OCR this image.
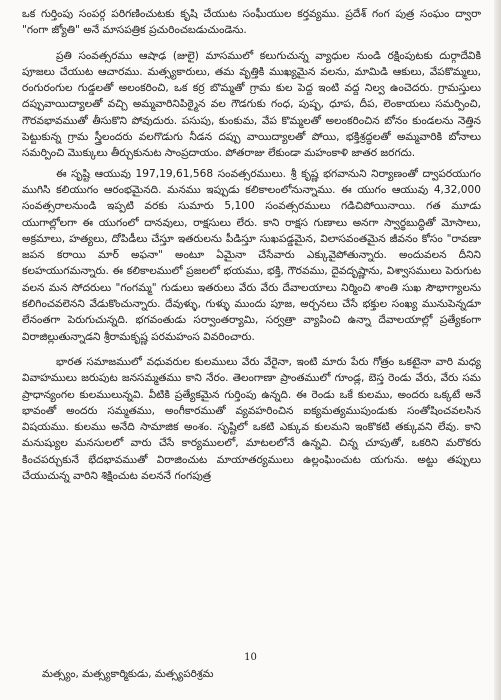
ఒక గుర్తింపు సంపర్గ పరిగణించుటకు కృషి చేయుట సంఘీయుల కర్తవ్యము. ప్రదేశ్ గంగ పుత్ర సంఘం ద్వారా "గంగా జ్యోతి" అనే మాసపత్రిక ప్రచురించబడుచుండెను.

ప్రతి సంవత్సరము ఆషాఢ (జులై) మాసములో కలుగుచున్న వ్యాధుల నుండి రక్షింపుటకు దుర్గాదేవికి పూజలు చేయుట ఆచారము. మత్స్యకారులు, తమ వృత్తికి ముఖ్యమైన వలను, మామిడి ఆకులు, వేపకొమ్మలు, రంగురంగుల గుడ్డలతో అలంకరించి, ఒక కర్ర బొమ్మతో గ్రామ కుల పెద్ద ఇంటి వద్ద నిల్వ ఉంచెదరు. గ్రామస్తులు దప్పువాయిద్యాలతో వచ్చి అమ్మవారినిపిఠ్మైన వల గౌడగుకు గంధ, పుష్ప, ధూప, దీప, లెంకాయలు సమర్పించి, గౌరవభావముతో తీసుకొని పోవుదురు. పసుపు, కుంకుమ, వేప కొమ్మలతో అలంకరించిన బోనం కుండలను నెత్తిన పెట్టుకున్న గ్రామ స్త్రీలందరు వలగొడుగు నీడన దప్పు వాయిద్యాలతో పోయి, భక్తిశ్రద్ధలతో అమ్మవారికి బోనాలు సమర్పించి మొక్కులు తీర్చుకునుట సాంప్రదాయం. పోతరాజు లేకుండా మహంకాళి జాతర జరగదు.

ఈ సృష్టి ఆయువు 197,19,61,568 సంవత్సరములు. శ్రీ కృష్ణ భగవానుని నిర్యాణంతో ద్వాపరయుగం ముగిసి కలియుగం ఆరంభమైనది. మనము ఇప్పుడు కలికాలంలోనున్నాము. ఈ యుగం ఆయువు 4,32,000 సంవత్సరాలనుండి ఇప్పటి వరకు సుమారు 5,100 సంవత్సరములు గడిచిపోయినాయి. గత మూడు యుగాల్లోలగా ఈ యుగంలో దానవులు, రాక్షసులు లేరు. కాని రాక్షస గుణాలు అనగా స్వార్థబుద్ధితో మోసాలు, అక్రమాలు, హత్యలు, దోపిడీలు చేస్తూ ఇతరులను పీడిస్తూ సుఖపడ్డమైన, విలాసవంతమైన జీవనం కోసం "రావణా జపన కరాయి మార్ అఫనా" అంటూ ఏమైనా చేసేవారు ఎక్కువైపోతున్నారు. అందువలన దీనిని కలహయుగమన్నారు. ఈ కలికాలములో ప్రజలలో భయము, భక్తి, గౌరవము, దైవదృష్ణాను, విశ్వాసములు పెరుగుట వలన మన సోదరులు "గంగమ్మ" గుడులు ఇతరులు వేరు వేరు దేవాలయాలు నిర్మించి శాంతి సుఖ సౌభాగ్యాలను కలిగించవలెనని వేడుకొంచున్నారు. దేవుళ్ళు, గుళ్ళు ముందు పూజ, అర్చనలు చేసే భక్తుల సంఖ్య మునుపెన్నడూ లేనంతగా పెరుగుచున్నది. భగవంతుడు సర్వాంతర్యామి, సర్వత్రా వ్యాపించి ఉన్నా దేవాలయాల్లో ప్రత్యేకంగా విరాజిల్లుతున్నాడని శ్రీరామకృష్ణ పరమహంస వివరించారు.

భారత సమాజములో వధువరుల కులములు వేరు వేరైనా, ఇంటి మారు పేరు గోత్రం ఒకటైనా వారి మధ్య వివాహములు జరుపుట జనసమ్మతము కాని నేరం. తెలంగాణా ప్రాంతములో గూండ్ల, బెస్త రెండు వేరు, వేరు సమ ప్రాధాన్యంగల కులములున్నవి. వీటికి ప్రత్యేకమైన గుర్తింపు ఉన్నది. ఈ రెండు ఒకే కులము, అందరు ఒక్కటే అనే భావంతో అందరు సమ్మతము, అంగీకారముతో వ్యవహరించిన ఐక్యమత్యముపుండుకు సంతోషించవలసిన విషయము. కులము అనేది సామాజిక అంశం. సృష్టిలో ఒకటి ఎక్కువ కులమని ఇంకొకటి తక్కువని లేవు. కాని మనుష్యుల మనసులలో వారు చేసే కార్యములలో, మాటలలోనే ఉన్నవి. చిన్న చూపుతో, ఒకరిని మరొకరు కించపర్చుకునే భేదభావముతో విరాజించుట మాయాతర్యములు ఉల్లంఘించుట యగును. అట్టు తప్పులు చేయుచున్న వారిని శిక్షించుట వలననే గంగపుత్ర

10
మత్స్యం, మత్స్యకార్మికుడు, మత్స్యపరిశ్రమ
